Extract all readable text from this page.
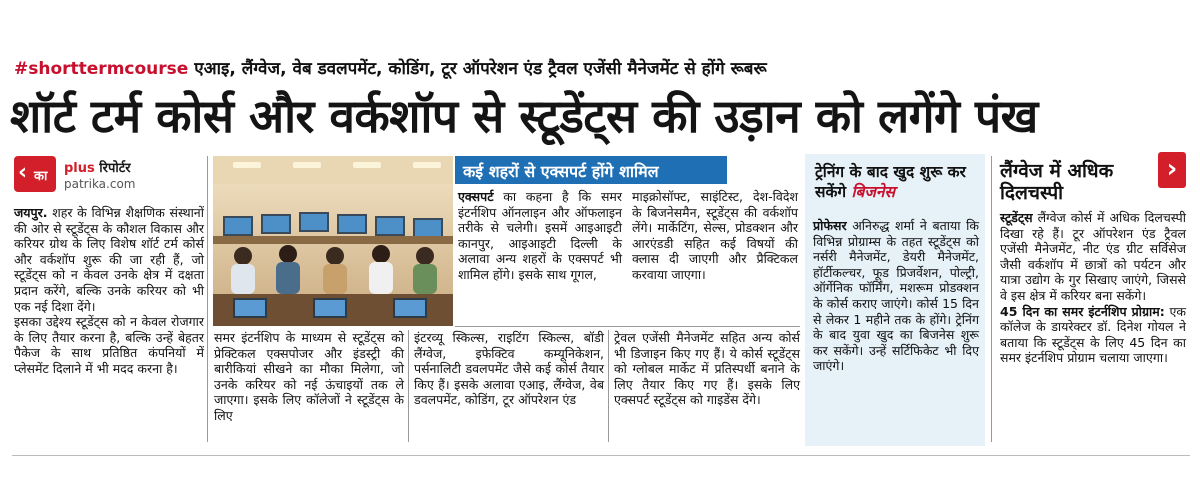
#shorttermcourse एआइ, लैंग्वेज, वेब डवलपमेंट, कोडिंग, टूर ऑपरेशन एंड ट्रैवल एजेंसी मैनेजमेंट से होंगे रूबरू
शॉर्ट टर्म कोर्स और वर्कशॉप से स्टूडेंट्स की उड़ान को लगेंगे पंख
‹ का
plus रिपोर्टर
patrika.com

जयपुर. शहर के विभिन्न शैक्षणिक संस्थानों की ओर से स्टूडेंट्स के कौशल विकास और करियर ग्रोथ के लिए विशेष शॉर्ट टर्म कोर्स और वर्कशॉप शुरू की जा रही हैं, जो स्टूडेंट्स को न केवल उनके क्षेत्र में दक्षता प्रदान करेंगे, बल्कि उनके करियर को भी एक नई दिशा देंगे।

इसका उद्देश्य स्टूडेंट्स को न केवल रोजगार के लिए तैयार करना है, बल्कि उन्हें बेहतर पैकेज के साथ प्रतिष्ठित कंपनियों में प्लेसमेंट दिलाने में भी मदद करना है।

समर इंटर्नशिप के माध्यम से स्टूडेंट्स को प्रेक्टिकल एक्सपोजर और इंडस्ट्री की बारीकियां सीखने का मौका मिलेगा, जो उनके करियर को नई ऊंचाइयों तक ले जाएगा। इसके लिए कॉलेजों ने स्टूडेंट्स के लिए

कई शहरों से एक्सपर्ट होंगे शामिल

एक्सपर्ट का कहना है कि समर इंटर्नशिप ऑनलाइन और ऑफलाइन तरीके से चलेगी। इसमें आइआइटी कानपुर, आइआइटी दिल्ली के अलावा अन्य शहरों के एक्सपर्ट भी शामिल होंगे। इसके साथ गूगल,

माइक्रोसॉफ्ट, साइंटिस्ट, देश-विदेश के बिजनेसमैन, स्टूडेंट्स की वर्कशॉप लेंगे। मार्केटिंग, सेल्स, प्रोडक्शन और आरएंडडी सहित कई विषयों की क्लास दी जाएगी और प्रैक्टिकल करवाया जाएगा।

इंटरव्यू स्किल्स, राइटिंग स्किल्स, बॉडी लैंग्वेज, इफेक्टिव कम्यूनिकेशन, पर्सनालिटी डवलपमेंट जैसे कई कोर्स तैयार किए हैं। इसके अलावा एआइ, लैंग्वेज, वेब डवलपमेंट, कोडिंग, टूर ऑपरेशन एंड

ट्रेवल एजेंसी मैनेजमेंट सहित अन्य कोर्स भी डिजाइन किए गए हैं। ये कोर्स स्टूडेंट्स को ग्लोबल मार्केट में प्रतिस्पर्धी बनाने के लिए तैयार किए गए हैं। इसके लिए एक्सपर्ट स्टूडेंट्स को गाइडेंस देंगे।

ट्रेनिंग के बाद खुद शुरू कर सकेंगे बिजनेस

प्रोफेसर अनिरुद्ध शर्मा ने बताया कि विभिन्न प्रोग्राम्स के तहत स्टूडेंट्स को नर्सरी मैनेजमेंट, डेयरी मैनेजमेंट, हॉर्टीकल्चर, फूड प्रिजर्वेशन, पोल्ट्री, ऑर्गेनिक फॉर्मिंग, मशरूम प्रोडक्शन के कोर्स कराए जाएंगे। कोर्स 15 दिन से लेकर 1 महीने तक के होंगे। ट्रेनिंग के बाद युवा खुद का बिजनेस शुरू कर सकेंगे। उन्हें सर्टिफिकेट भी दिए जाएंगे।

लैंग्वेज में अधिक दिलचस्पी

स्टूडेंट्स लैंग्वेज कोर्स में अधिक दिलचस्पी दिखा रहे हैं। टूर ऑपरेशन एंड ट्रैवल एजेंसी मैनेजमेंट, नीट एंड ग्रीट सर्विसेज जैसी वर्कशॉप में छात्रों को पर्यटन और यात्रा उद्योग के गुर सिखाए जाएंगे, जिससे वे इस क्षेत्र में करियर बना सकेंगे।

45 दिन का समर इंटर्नशिप प्रोग्राम: एक कॉलेज के डायरेक्टर डॉ. दिनेश गोयल ने बताया कि स्टूडेंट्स के लिए 45 दिन का समर इंटर्नशिप प्रोग्राम चलाया जाएगा।

›
